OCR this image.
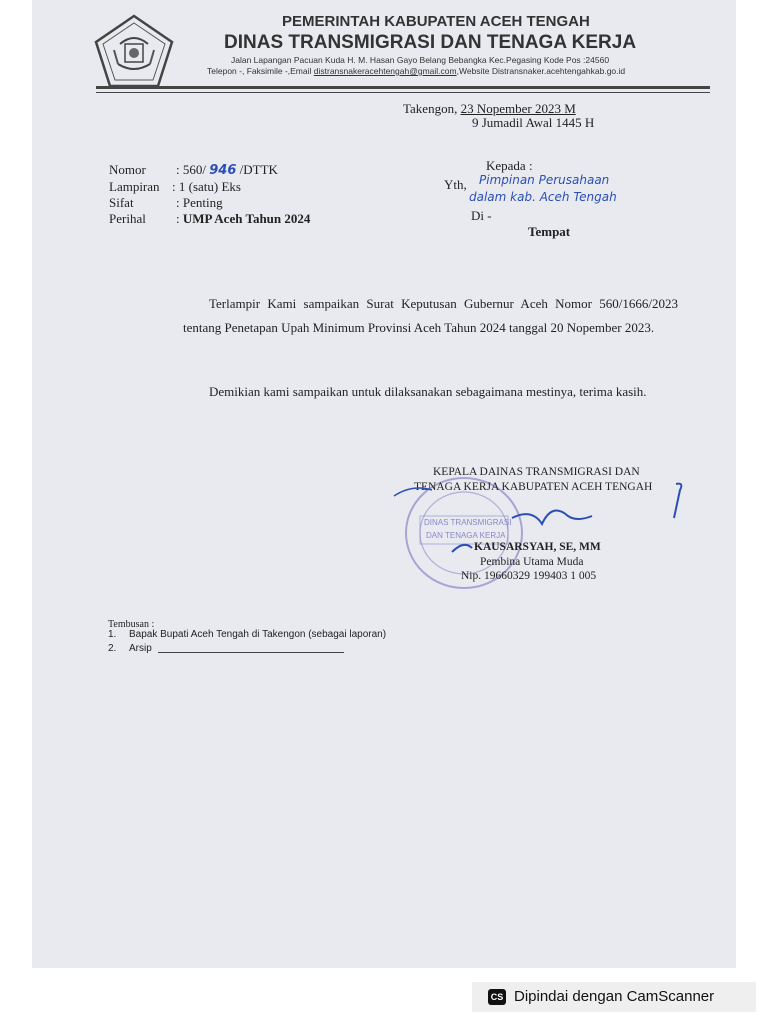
PEMERINTAH KABUPATEN ACEH TENGAH
DINAS TRANSMIGRASI DAN TENAGA KERJA
Jalan Lapangan Pacuan Kuda H. M. Hasan Gayo Belang Bebangka Kec.Pegasing Kode Pos :24560
Telepon -, Faksimile -,Email distransnakeracehtengah@gmail.com,Website Distransnaker.acehtengahkab.go.id
Takengon, 23 Nopember 2023 M
9 Jumadil Awal 1445 H
Nomor : 560/ 946 /DTTK
Lampiran : 1 (satu) Eks
Sifat	: Penting
Perihal : UMP Aceh Tahun 2024
Kepada :
Yth, Pimpinan Perusahaan
dalam kab. Aceh Tengah
Di -
Tempat
Terlampir Kami sampaikan Surat Keputusan Gubernur Aceh Nomor 560/1666/2023 tentang Penetapan Upah Minimum Provinsi Aceh Tahun 2024 tanggal 20 Nopember 2023.
Demikian kami sampaikan untuk dilaksanakan sebagaimana mestinya, terima kasih.
DINAS TRANSMIGRASI
DAN TENAGA KERJA
KEPALA DAINAS TRANSMIGRASI DAN
TENAGA KERJA KABUPATEN ACEH TENGAH
KAUSARSYAH, SE, MM
Pembina Utama Muda
Nip. 19660329 199403 1 005
Tembusan :
1. Bapak Bupati Aceh Tengah di Takengon (sebagai laporan)
2. Arsip
CS Dipindai dengan CamScanner
